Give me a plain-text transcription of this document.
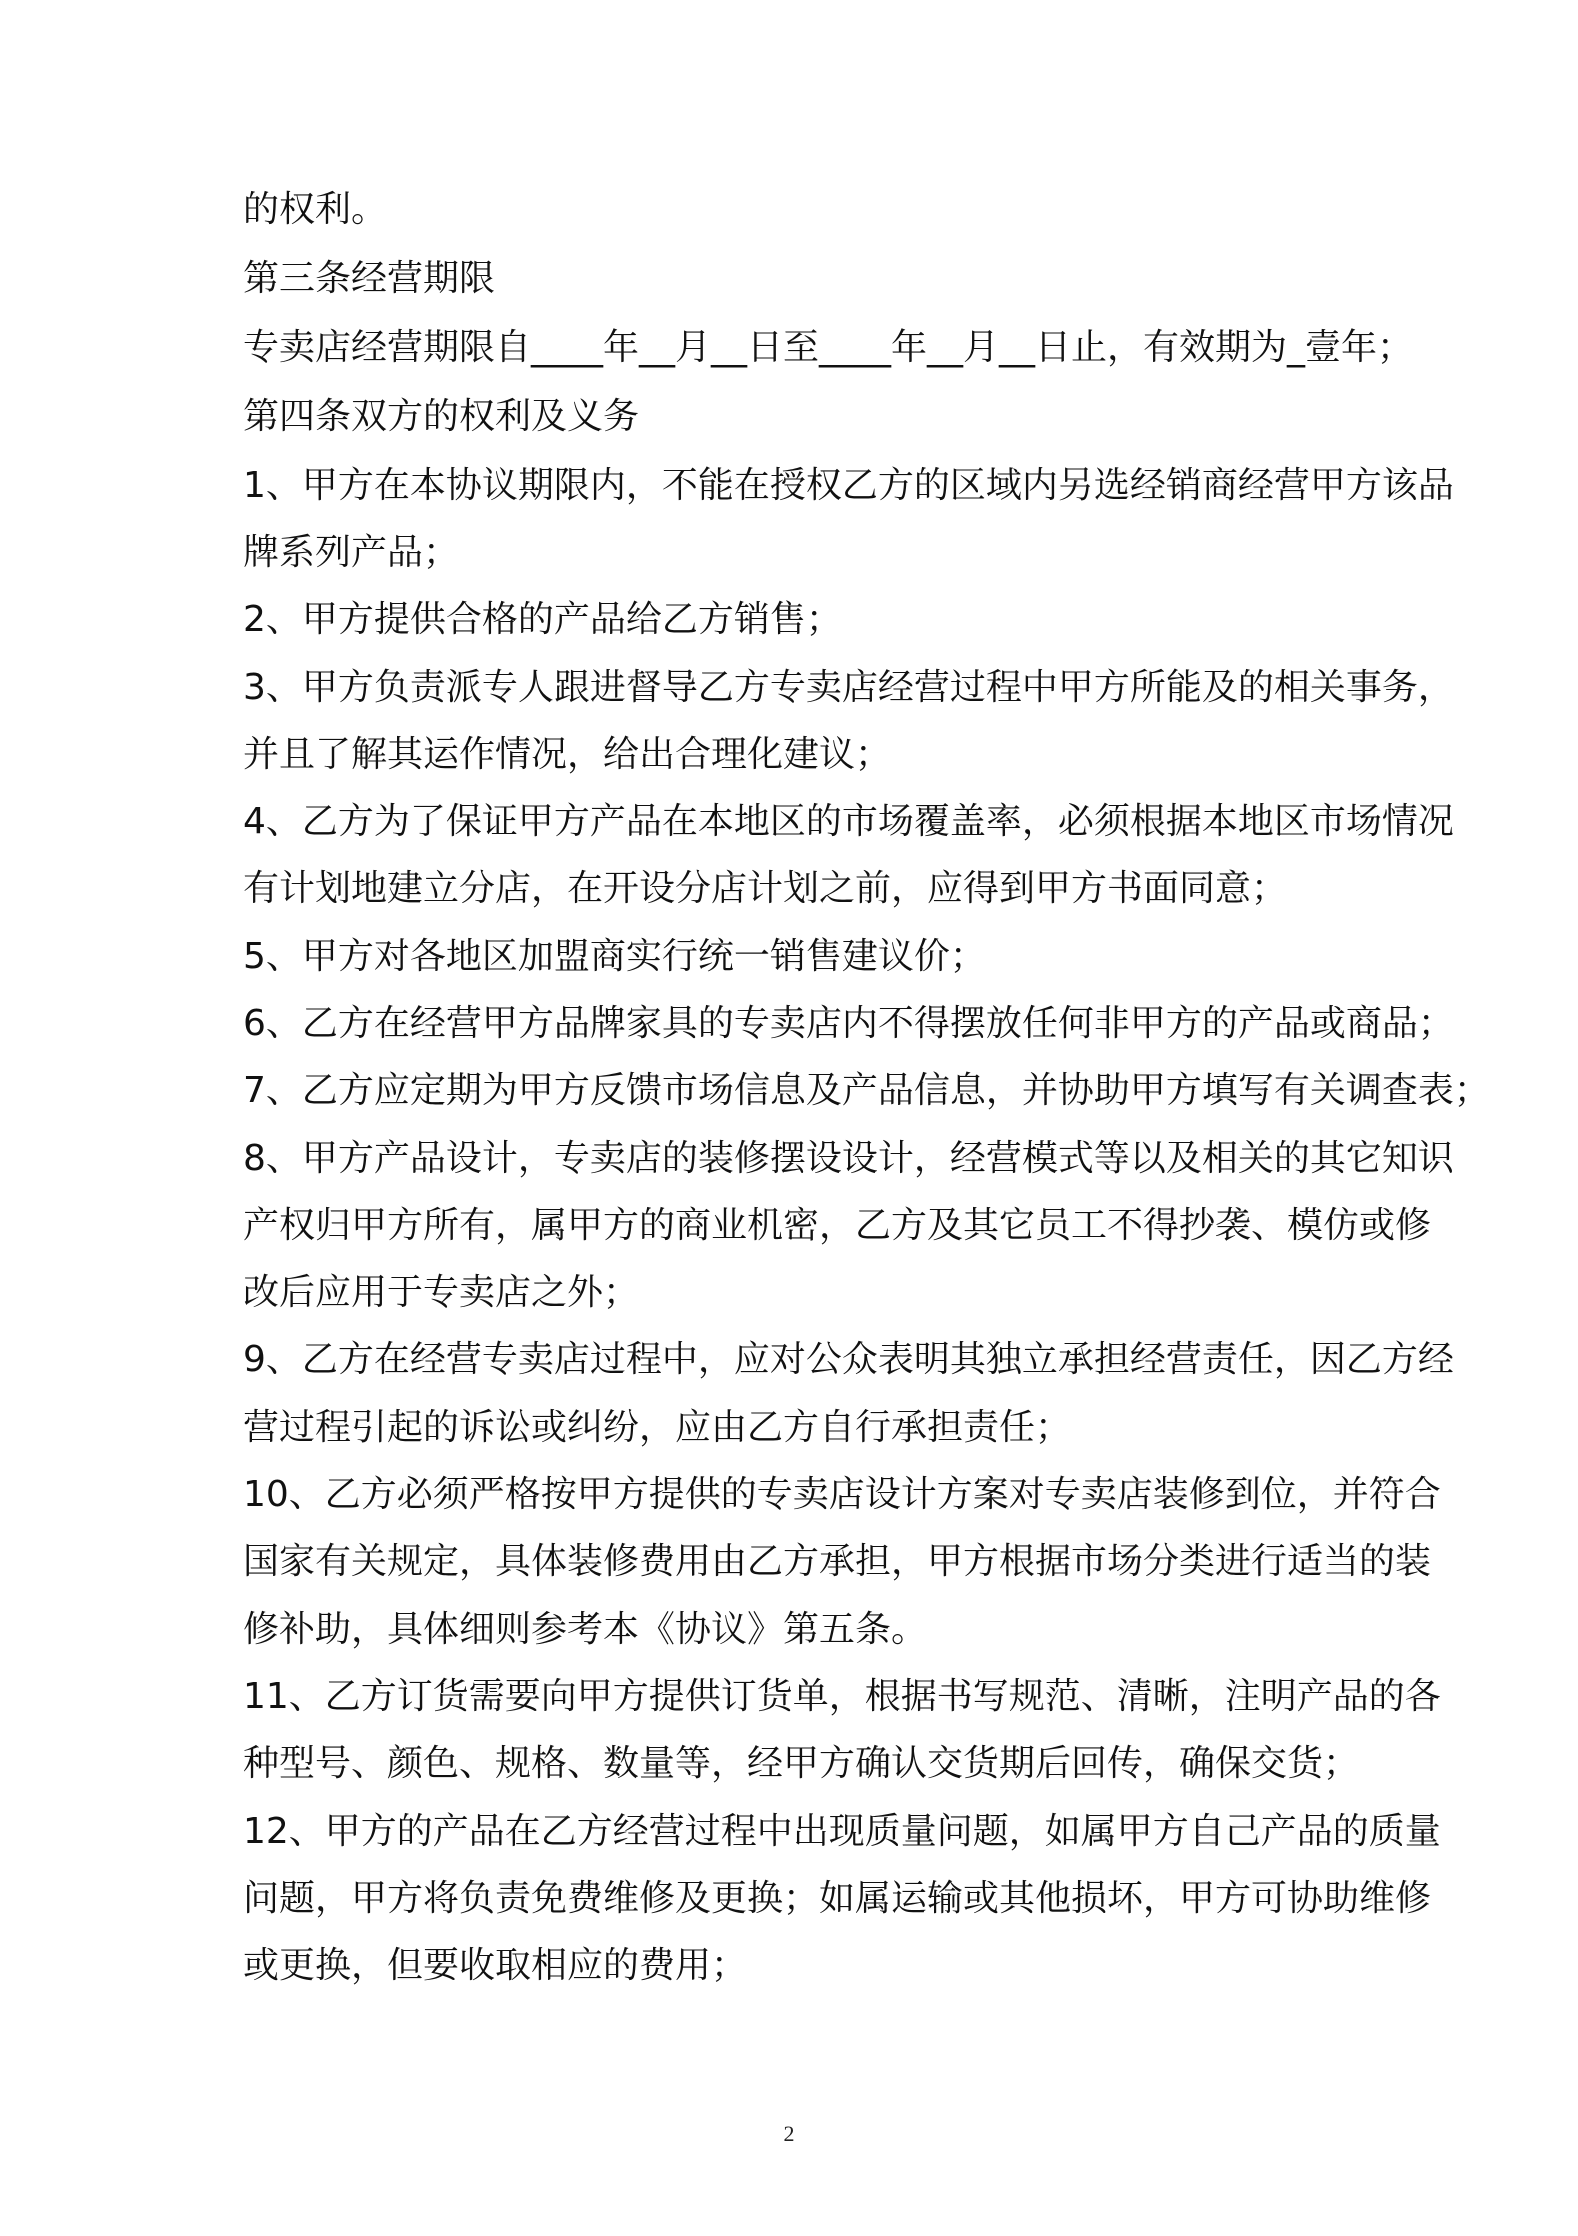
的权利。
第三条经营期限
专卖店经营期限自____年__月__日至____年__月__日止，有效期为_壹年；
第四条双方的权利及义务
1、甲方在本协议期限内，不能在授权乙方的区域内另选经销商经营甲方该品
牌系列产品；
2、甲方提供合格的产品给乙方销售；
3、甲方负责派专人跟进督导乙方专卖店经营过程中甲方所能及的相关事务，
并且了解其运作情况，给出合理化建议；
4、乙方为了保证甲方产品在本地区的市场覆盖率，必须根据本地区市场情况
有计划地建立分店，在开设分店计划之前，应得到甲方书面同意；
5、甲方对各地区加盟商实行统一销售建议价；
6、乙方在经营甲方品牌家具的专卖店内不得摆放任何非甲方的产品或商品；
7、乙方应定期为甲方反馈市场信息及产品信息，并协助甲方填写有关调查表；
8、甲方产品设计，专卖店的装修摆设设计，经营模式等以及相关的其它知识
产权归甲方所有，属甲方的商业机密，乙方及其它员工不得抄袭、模仿或修
改后应用于专卖店之外；
9、乙方在经营专卖店过程中，应对公众表明其独立承担经营责任，因乙方经
营过程引起的诉讼或纠纷，应由乙方自行承担责任；
10、乙方必须严格按甲方提供的专卖店设计方案对专卖店装修到位，并符合
国家有关规定，具体装修费用由乙方承担，甲方根据市场分类进行适当的装
修补助，具体细则参考本《协议》第五条。
11、乙方订货需要向甲方提供订货单，根据书写规范、清晰，注明产品的各
种型号、颜色、规格、数量等，经甲方确认交货期后回传，确保交货；
12、甲方的产品在乙方经营过程中出现质量问题，如属甲方自己产品的质量
问题，甲方将负责免费维修及更换；如属运输或其他损坏，甲方可协助维修
或更换，但要收取相应的费用；
2
